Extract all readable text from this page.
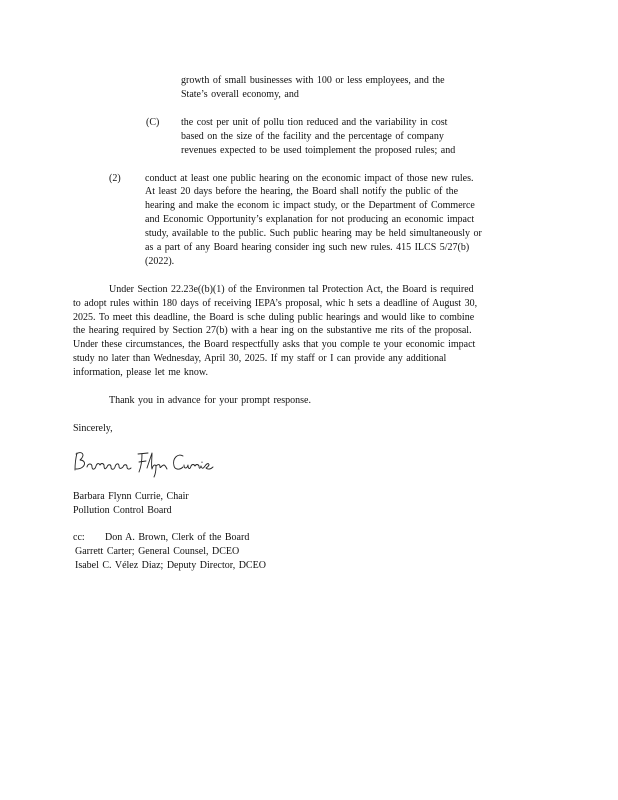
growth of small businesses with 100 or less employees, and the
State’s overall economy, and
(C) the cost per unit of pollu tion reduced and the variability in cost
based on the size of the facility and the percentage of company
revenues expected to be used toimplement the proposed rules; and
(2) conduct at least one public hearing on the economic impact of those new rules.
At least 20 days before the hearing, the Board shall notify the public of the
hearing and make the econom ic impact study, or the Department of Commerce
and Economic Opportunity’s explanation for not producing an economic impact
study, available to the public. Such public hearing may be held simultaneously or
as a part of any Board hearing consider ing such new rules. 415 ILCS 5/27(b)
(2022).
Under Section 22.23e((b)(1) of the Environmen tal Protection Act, the Board is required
to adopt rules within 180 days of receiving IEPA’s proposal, whic h sets a deadline of August 30,
2025. To meet this deadline, the Board is sche duling public hearings and would like to combine
the hearing required by Section 27(b) with a hear ing on the substantive me rits of the proposal.
Under these circumstances, the Board respectfully asks that you comple te your economic impact
study no later than Wednesday, April 30, 2025. If my staff or I can provide any additional
information, please let me know.
Thank you in advance for your prompt response.
Sincerely,
Barbara Flynn Currie, Chair
Pollution Control Board
cc: Don A. Brown, Clerk of the Board
Garrett Carter; General Counsel, DCEO
Isabel C. Vélez Diaz; Deputy Director, DCEO
